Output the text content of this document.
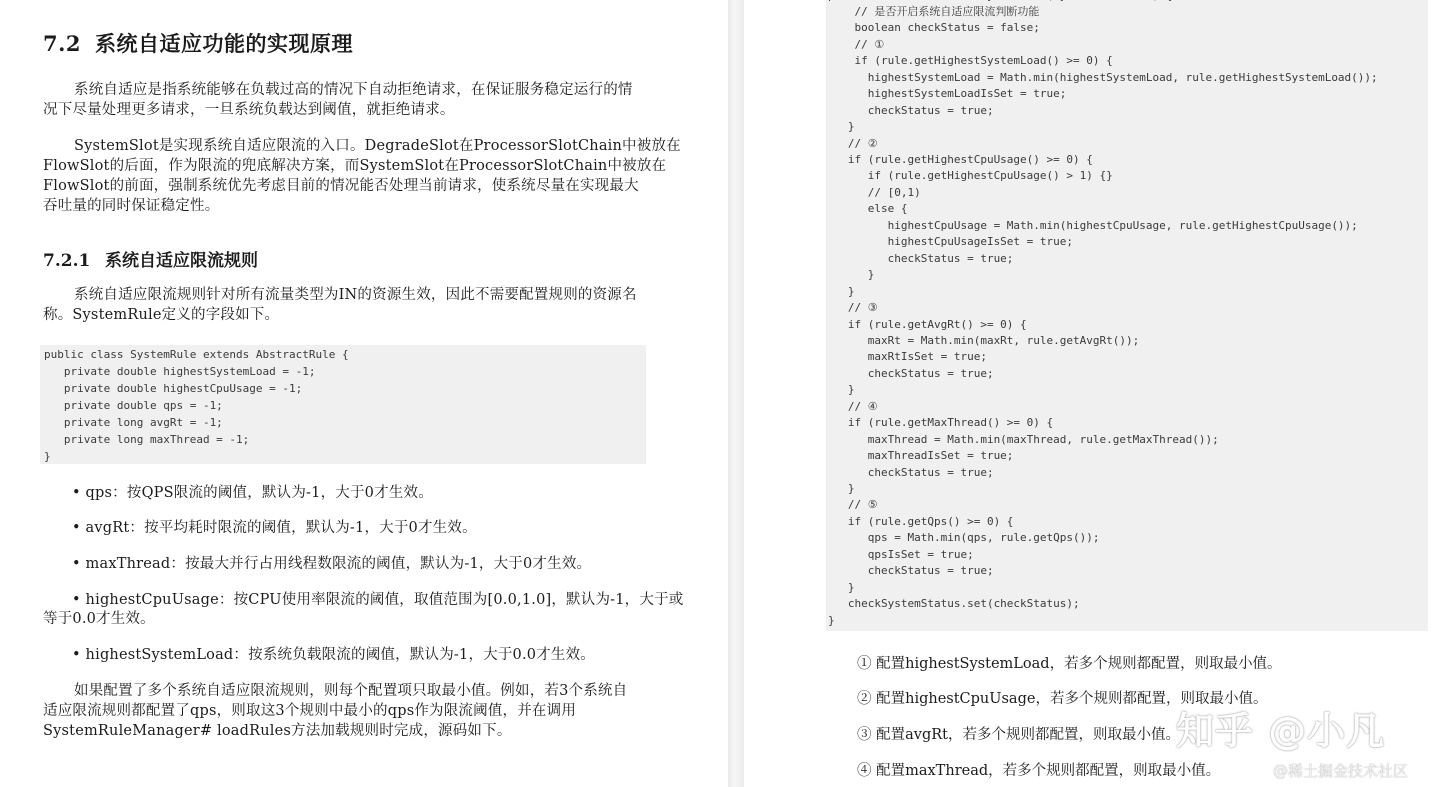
7.2 系统自适应功能的实现原理
系统自适应是指系统能够在负载过高的情况下自动拒绝请求，在保证服务稳定运行的情
况下尽量处理更多请求，一旦系统负载达到阈值，就拒绝请求。
SystemSlot是实现系统自适应限流的入口。DegradeSlot在ProcessorSlotChain中被放在
FlowSlot的后面，作为限流的兜底解决方案，而SystemSlot在ProcessorSlotChain中被放在
FlowSlot的前面，强制系统优先考虑目前的情况能否处理当前请求，使系统尽量在实现最大
吞吐量的同时保证稳定性。
7.2.1 系统自适应限流规则
系统自适应限流规则针对所有流量类型为IN的资源生效，因此不需要配置规则的资源名
称。SystemRule定义的字段如下。
public class SystemRule extends AbstractRule {
private double highestSystemLoad = -1;
private double highestCpuUsage = -1;
private double qps = -1;
private long avgRt = -1;
private long maxThread = -1;
}
• qps：按QPS限流的阈值，默认为-1，大于0才生效。
• avgRt：按平均耗时限流的阈值，默认为-1，大于0才生效。
• maxThread：按最大并行占用线程数限流的阈值，默认为-1，大于0才生效。
• highestCpuUsage：按CPU使用率限流的阈值，取值范围为[0.0,1.0]，默认为-1，大于或
等于0.0才生效。
• highestSystemLoad：按系统负载限流的阈值，默认为-1，大于0.0才生效。
如果配置了多个系统自适应限流规则，则每个配置项只取最小值。例如，若3个系统自
适应限流规则都配置了qps，则取这3个规则中最小的qps作为限流阈值，并在调用
SystemRuleManager# loadRules方法加载规则时完成，源码如下。
// 是否开启系统自适应限流判断功能
boolean checkStatus = false;
// ①
if (rule.getHighestSystemLoad() >= 0) {
highestSystemLoad = Math.min(highestSystemLoad, rule.getHighestSystemLoad());
highestSystemLoadIsSet = true;
checkStatus = true;
}
// ②
if (rule.getHighestCpuUsage() >= 0) {
if (rule.getHighestCpuUsage() > 1) {}
// [0,1)
else {
highestCpuUsage = Math.min(highestCpuUsage, rule.getHighestCpuUsage());
highestCpuUsageIsSet = true;
checkStatus = true;
}
}
// ③
if (rule.getAvgRt() >= 0) {
maxRt = Math.min(maxRt, rule.getAvgRt());
maxRtIsSet = true;
checkStatus = true;
}
// ④
if (rule.getMaxThread() >= 0) {
maxThread = Math.min(maxThread, rule.getMaxThread());
maxThreadIsSet = true;
checkStatus = true;
}
// ⑤
if (rule.getQps() >= 0) {
qps = Math.min(qps, rule.getQps());
qpsIsSet = true;
checkStatus = true;
}
checkSystemStatus.set(checkStatus);
}
① 配置highestSystemLoad，若多个规则都配置，则取最小值。
② 配置highestCpuUsage，若多个规则都配置，则取最小值。
③ 配置avgRt，若多个规则都配置，则取最小值。
④ 配置maxThread，若多个规则都配置，则取最小值。
知乎 @小凡
@稀土掘金技术社区
